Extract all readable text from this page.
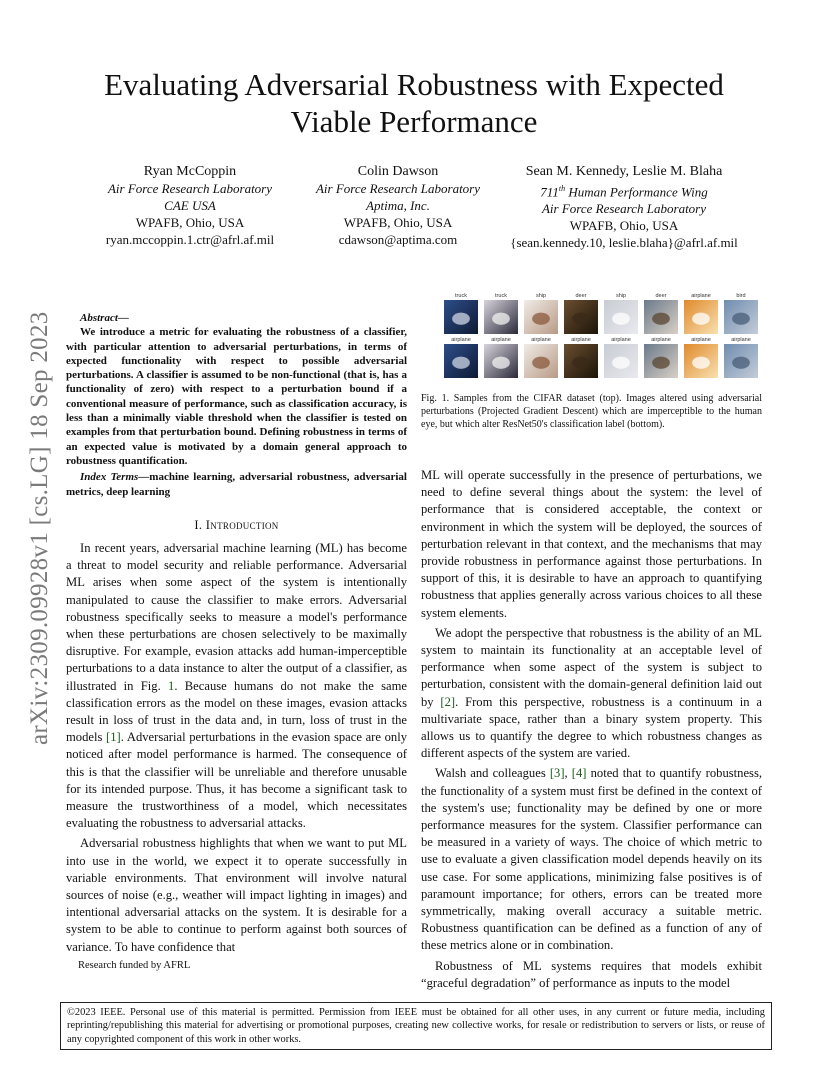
Evaluating Adversarial Robustness with Expected
Viable Performance
Ryan McCoppin
Air Force Research Laboratory
CAE USA
WPAFB, Ohio, USA
ryan.mccoppin.1.ctr@afrl.af.mil
Colin Dawson
Air Force Research Laboratory
Aptima, Inc.
WPAFB, Ohio, USA
cdawson@aptima.com
Sean M. Kennedy, Leslie M. Blaha
711th Human Performance Wing
Air Force Research Laboratory
WPAFB, Ohio, USA
{sean.kennedy.10, leslie.blaha}@afrl.af.mil
arXiv:2309.09928v1 [cs.LG] 18 Sep 2023	Abstract—

We introduce a metric for evaluating the robustness of a classifier, with particular attention to adversarial perturbations, in terms of expected functionality with respect to possible adversarial perturbations. A classifier is assumed to be non-functional (that is, has a functionality of zero) with respect to a perturbation bound if a conventional measure of performance, such as classification accuracy, is less than a minimally viable threshold when the classifier is tested on examples from that perturbation bound. Defining robustness in terms of an expected value is motivated by a domain general approach to robustness quantification.

Index Terms—machine learning, adversarial robustness, adversarial metrics, deep learning

I. Introduction

In recent years, adversarial machine learning (ML) has become a threat to model security and reliable performance. Adversarial ML arises when some aspect of the system is intentionally manipulated to cause the classifier to make errors. Adversarial robustness specifically seeks to measure a model's performance when these perturbations are chosen selectively to be maximally disruptive. For example, evasion attacks add human-imperceptible perturbations to a data instance to alter the output of a classifier, as illustrated in Fig. 1. Because humans do not make the same classification errors as the model on these images, evasion attacks result in loss of trust in the data and, in turn, loss of trust in the models [1]. Adversarial perturbations in the evasion space are only noticed after model performance is harmed. The consequence of this is that the classifier will be unreliable and therefore unusable for its intended purpose. Thus, it has become a significant task to measure the trustworthiness of a model, which necessitates evaluating the robustness to adversarial attacks.

Adversarial robustness highlights that when we want to put ML into use in the world, we expect it to operate successfully in variable environments. That environment will involve natural sources of noise (e.g., weather will impact lighting in images) and intentional adversarial attacks on the system. It is desirable for a system to be able to continue to perform against both sources of variance. To have confidence that

Research funded by AFRL
truck	truck	ship	deer	ship	deer	airplane	bird
airplane	airplane	airplane	airplane	airplane	airplane	airplane	airplane
Fig. 1. Samples from the CIFAR dataset (top). Images altered using adversarial perturbations (Projected Gradient Descent) which are imperceptible to the human eye, but which alter ResNet50's classification label (bottom).

ML will operate successfully in the presence of perturbations, we need to define several things about the system: the level of performance that is considered acceptable, the context or environment in which the system will be deployed, the sources of perturbation relevant in that context, and the mechanisms that may provide robustness in performance against those perturbations. In support of this, it is desirable to have an approach to quantifying robustness that applies generally across various choices to all these system elements.

We adopt the perspective that robustness is the ability of an ML system to maintain its functionality at an acceptable level of performance when some aspect of the system is subject to perturbation, consistent with the domain-general definition laid out by [2]. From this perspective, robustness is a continuum in a multivariate space, rather than a binary system property. This allows us to quantify the degree to which robustness changes as different aspects of the system are varied.

Walsh and colleagues [3], [4] noted that to quantify robustness, the functionality of a system must first be defined in the context of the system's use; functionality may be defined by one or more performance measures for the system. Classifier performance can be measured in a variety of ways. The choice of which metric to use to evaluate a given classification model depends heavily on its use case. For some applications, minimizing false positives is of paramount importance; for others, errors can be treated more symmetrically, making overall accuracy a suitable metric. Robustness quantification can be defined as a function of any of these metrics alone or in combination.

Robustness of ML systems requires that models exhibit “graceful degradation” of performance as inputs to the model

©2023 IEEE. Personal use of this material is permitted. Permission from IEEE must be obtained for all other uses, in any current or future media, including reprinting/republishing this material for advertising or promotional purposes, creating new collective works, for resale or redistribution to servers or lists, or reuse of any copyrighted component of this work in other works.
